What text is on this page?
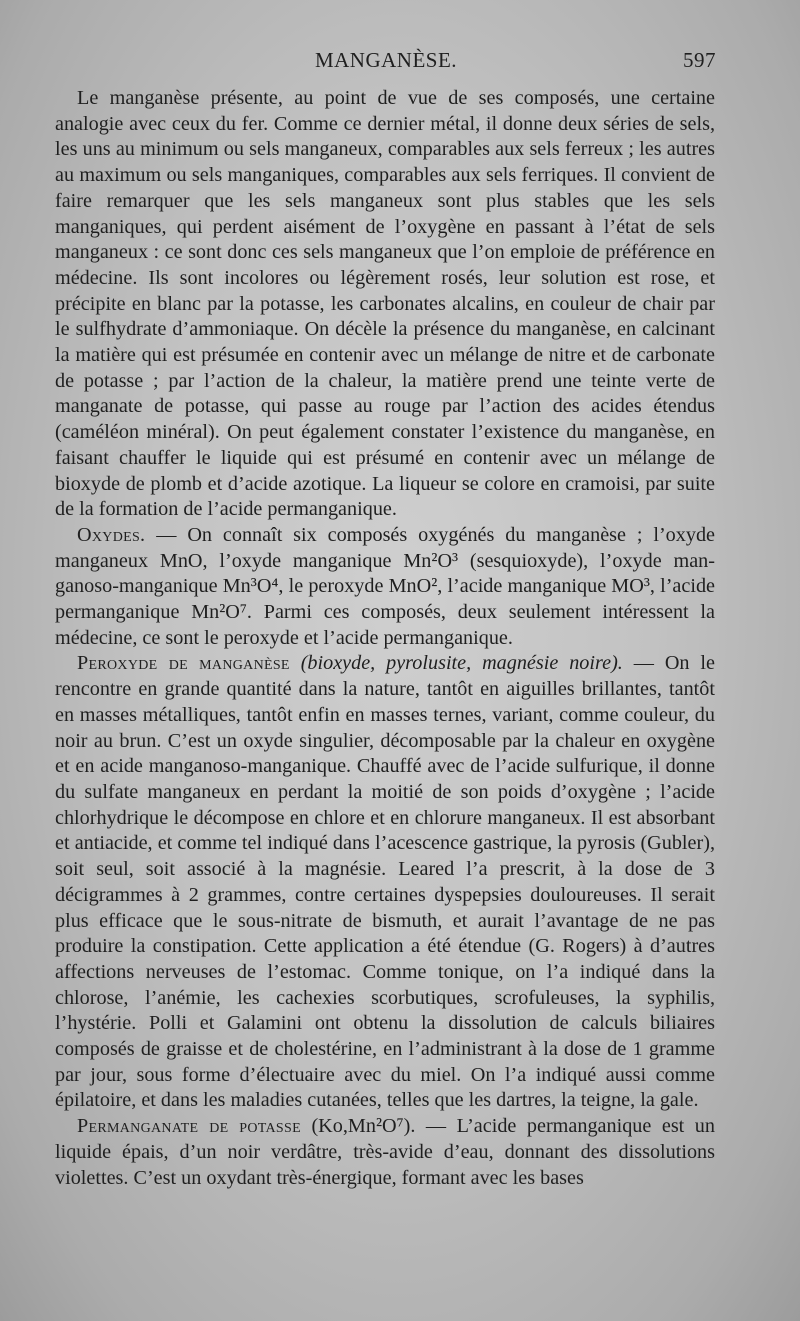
MANGANÈSE.	597

Le manganèse présente, au point de vue de ses composés, une certaine analogie avec ceux du fer. Comme ce dernier métal, il donne deux séries de sels, les uns au minimum ou sels manganeux, comparables aux sels ferreux ; les autres au maximum ou sels manganiques, comparables aux sels ferriques. Il convient de faire remarquer que les sels manganeux sont plus stables que les sels manganiques, qui perdent aisément de l’oxygène en passant à l’état de sels manganeux : ce sont donc ces sels manganeux que l’on emploie de préférence en médecine. Ils sont incolores ou légèrement rosés, leur solution est rose, et précipite en blanc par la potasse, les carbonates alcalins, en couleur de chair par le sulfhydrate d’ammoniaque. On décèle la présence du manganèse, en calcinant la matière qui est présumée en contenir avec un mélange de nitre et de carbonate de potasse ; par l’action de la chaleur, la matière prend une teinte verte de manganate de potasse, qui passe au rouge par l’action des acides étendus (caméléon minéral). On peut également constater l’existence du manganèse, en faisant chauffer le liquide qui est présumé en contenir avec un mélange de bioxyde de plomb et d’acide azotique. La liqueur se colore en cramoisi, par suite de la formation de l’acide permanganique.

Oxydes. — On connaît six composés oxygénés du manganèse ; l’oxyde manganeux MnO, l’oxyde manganique Mn²O³ (sesquioxyde), l’oxyde manganoso-manganique Mn³O⁴, le peroxyde MnO², l’acide manganique MO³, l’acide permanganique Mn²O⁷. Parmi ces composés, deux seulement intéressent la médecine, ce sont le peroxyde et l’acide permanganique.

Peroxyde de manganèse (bioxyde, pyrolusite, magnésie noire). — On le rencontre en grande quantité dans la nature, tantôt en aiguilles brillantes, tantôt en masses métalliques, tantôt enfin en masses ternes, variant, comme couleur, du noir au brun. C’est un oxyde singulier, décomposable par la chaleur en oxygène et en acide manganoso-manganique. Chauffé avec de l’acide sulfurique, il donne du sulfate manganeux en perdant la moitié de son poids d’oxygène ; l’acide chlorhydrique le décompose en chlore et en chlorure manganeux. Il est absorbant et antiacide, et comme tel indiqué dans l’acescence gastrique, la pyrosis (Gubler), soit seul, soit associé à la magnésie. Leared l’a prescrit, à la dose de 3 décigrammes à 2 grammes, contre certaines dyspepsies douloureuses. Il serait plus efficace que le sous-nitrate de bismuth, et aurait l’avantage de ne pas produire la constipation. Cette application a été étendue (G. Rogers) à d’autres affections nerveuses de l’estomac. Comme tonique, on l’a indiqué dans la chlorose, l’anémie, les cachexies scorbutiques, scrofuleuses, la syphilis, l’hystérie. Polli et Galamini ont obtenu la dissolution de calculs biliaires composés de graisse et de cholestérine, en l’administrant à la dose de 1 gramme par jour, sous forme d’électuaire avec du miel. On l’a indiqué aussi comme épilatoire, et dans les maladies cutanées, telles que les dartres, la teigne, la gale.

Permanganate de potasse (Ko,Mn²O⁷). — L’acide permanganique est un liquide épais, d’un noir verdâtre, très-avide d’eau, donnant des dissolutions violettes. C’est un oxydant très-énergique, formant avec les bases
